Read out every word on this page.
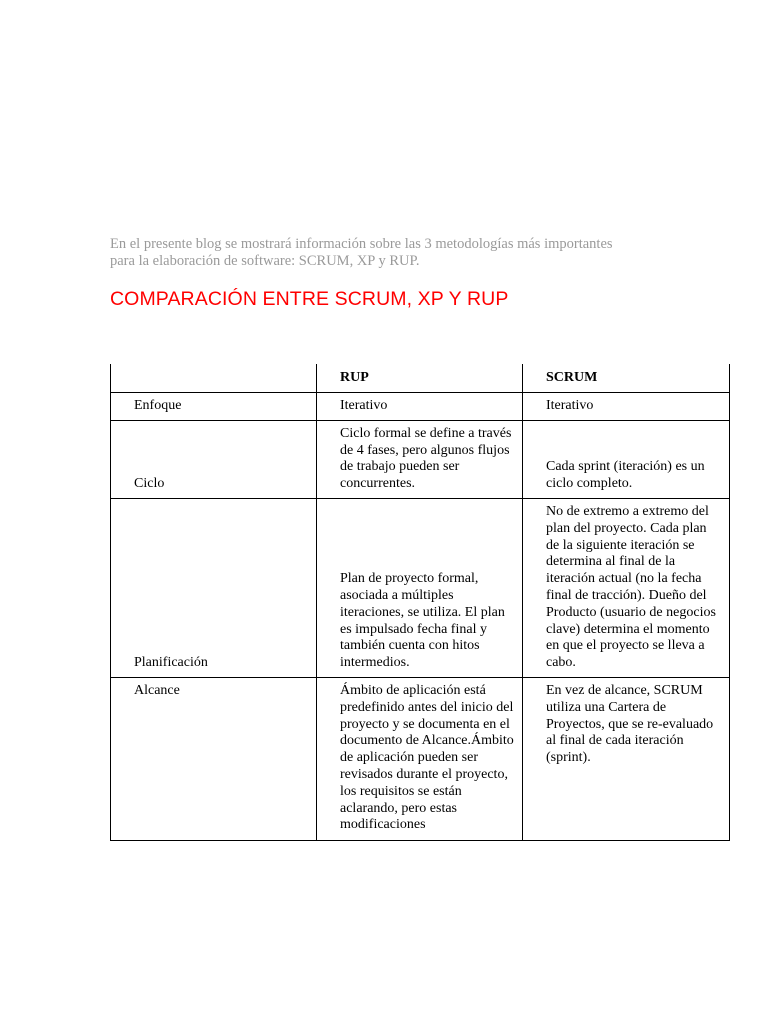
En el presente blog se mostrará información sobre las 3 metodologías más importantes para la elaboración de software: SCRUM, XP y RUP.

COMPARACIÓN ENTRE SCRUM, XP Y RUP
	RUP	SCRUM
Enfoque	Iterativo	Iterativo
Ciclo	Ciclo formal se define a través de 4 fases, pero algunos flujos de trabajo pueden ser concurrentes.	Cada sprint (iteración) es un ciclo completo.
Planificación	Plan de proyecto formal, asociada a múltiples iteraciones, se utiliza. El plan es impulsado fecha final y también cuenta con hitos intermedios.	No de extremo a extremo del plan del proyecto. Cada plan de la siguiente iteración se determina al final de la iteración actual (no la fecha final de tracción). Dueño del Producto (usuario de negocios clave) determina el momento en que el proyecto se lleva a cabo.
Alcance	Ámbito de aplicación está predefinido antes del inicio del proyecto y se documenta en el documento de Alcance.Ámbito de aplicación pueden ser revisados durante el proyecto, los requisitos se están aclarando, pero estas modificaciones	En vez de alcance, SCRUM utiliza una Cartera de Proyectos, que se re-evaluado al final de cada iteración (sprint).
